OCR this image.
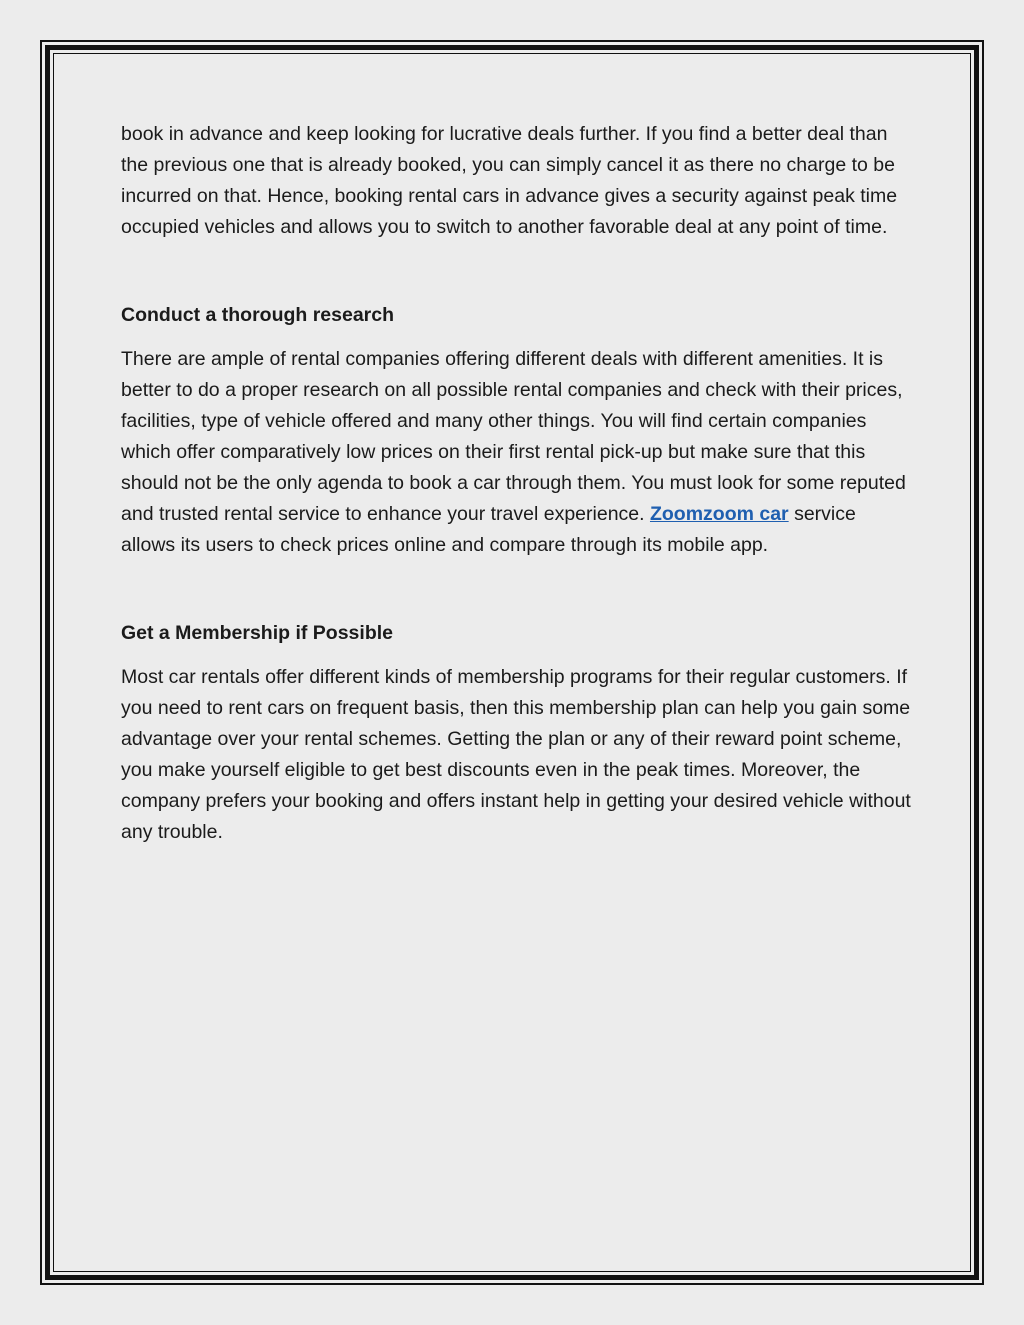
book in advance and keep looking for lucrative deals further. If you find a better deal than the previous one that is already booked, you can simply cancel it as there no charge to be incurred on that. Hence, booking rental cars in advance gives a security against peak time occupied vehicles and allows you to switch to another favorable deal at any point of time.

Conduct a thorough research

There are ample of rental companies offering different deals with different amenities. It is better to do a proper research on all possible rental companies and check with their prices, facilities, type of vehicle offered and many other things. You will find certain companies which offer comparatively low prices on their first rental pick-up but make sure that this should not be the only agenda to book a car through them. You must look for some reputed and trusted rental service to enhance your travel experience. Zoomzoom car service allows its users to check prices online and compare through its mobile app.

Get a Membership if Possible

Most car rentals offer different kinds of membership programs for their regular customers. If you need to rent cars on frequent basis, then this membership plan can help you gain some advantage over your rental schemes. Getting the plan or any of their reward point scheme, you make yourself eligible to get best discounts even in the peak times. Moreover, the company prefers your booking and offers instant help in getting your desired vehicle without any trouble.
